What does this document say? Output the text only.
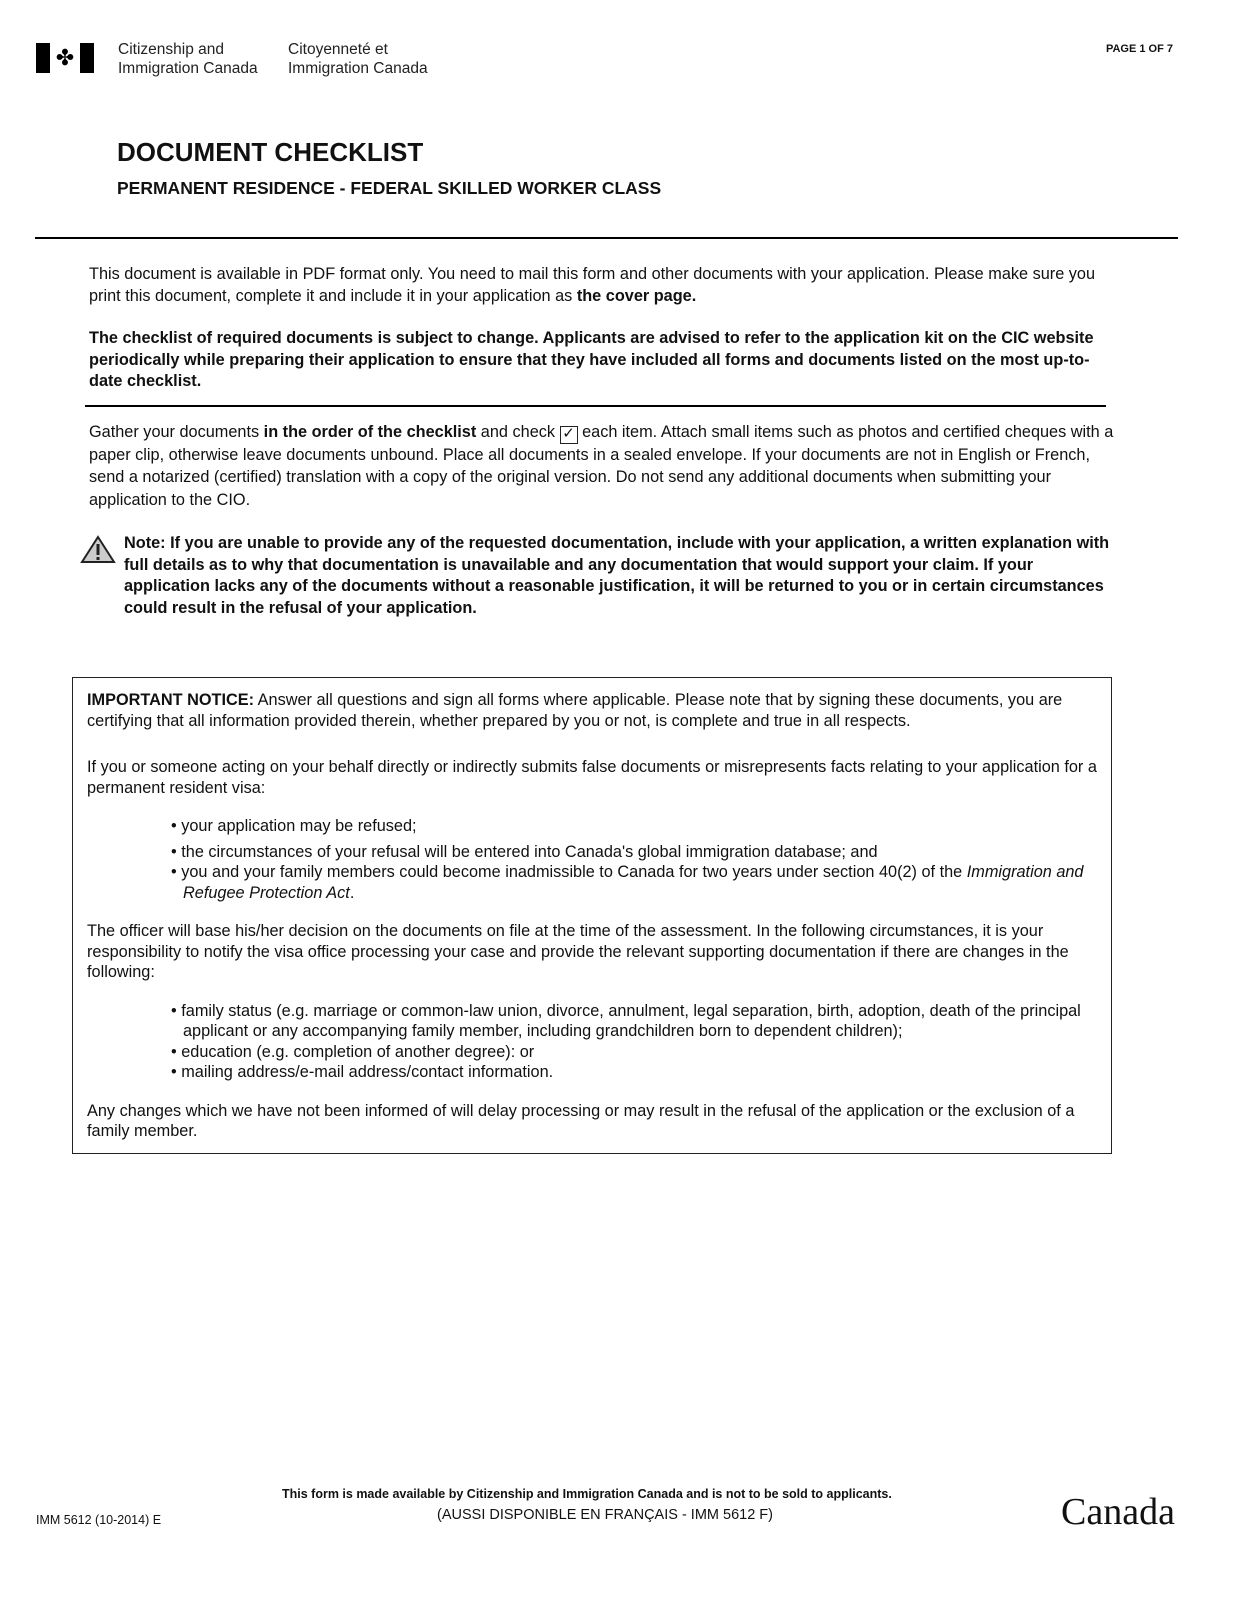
✤	Citizenship and
Immigration Canada
Citoyenneté et
Immigration Canada
PAGE 1 OF 7
DOCUMENT CHECKLIST
PERMANENT RESIDENCE - FEDERAL SKILLED WORKER CLASS
This document is available in PDF format only. You need to mail this form and other documents with your application. Please make sure you print this document, complete it and include it in your application as the cover page.
The checklist of required documents is subject to change. Applicants are advised to refer to the application kit on the CIC website periodically while preparing their application to ensure that they have included all forms and documents listed on the most up-to-date checklist.
Gather your documents in the order of the checklist and check ✓ each item. Attach small items such as photos and certified cheques with a paper clip, otherwise leave documents unbound. Place all documents in a sealed envelope. If your documents are not in English or French, send a notarized (certified) translation with a copy of the original version. Do not send any additional documents when submitting your application to the CIO.
Note: If you are unable to provide any of the requested documentation, include with your application, a written explanation with full details as to why that documentation is unavailable and any documentation that would support your claim. If your application lacks any of the documents without a reasonable justification, it will be returned to you or in certain circumstances could result in the refusal of your application.

IMPORTANT NOTICE: Answer all questions and sign all forms where applicable. Please note that by signing these documents, you are certifying that all information provided therein, whether prepared by you or not, is complete and true in all respects.

If you or someone acting on your behalf directly or indirectly submits false documents or misrepresents facts relating to your application for a permanent resident visa:

• your application may be refused;
• the circumstances of your refusal will be entered into Canada's global immigration database; and
• you and your family members could become inadmissible to Canada for two years under section 40(2) of the Immigration and Refugee Protection Act.

The officer will base his/her decision on the documents on file at the time of the assessment. In the following circumstances, it is your responsibility to notify the visa office processing your case and provide the relevant supporting documentation if there are changes in the following:

• family status (e.g. marriage or common-law union, divorce, annulment, legal separation, birth, adoption, death of the principal applicant or any accompanying family member, including grandchildren born to dependent children);
• education (e.g. completion of another degree): or
• mailing address/e-mail address/contact information.

Any changes which we have not been informed of will delay processing or may result in the refusal of the application or the exclusion of a family member.

This form is made available by Citizenship and Immigration Canada and is not to be sold to applicants.
(AUSSI DISPONIBLE EN FRANÇAIS - IMM 5612 F)
IMM 5612 (10-2014) E	Canada
